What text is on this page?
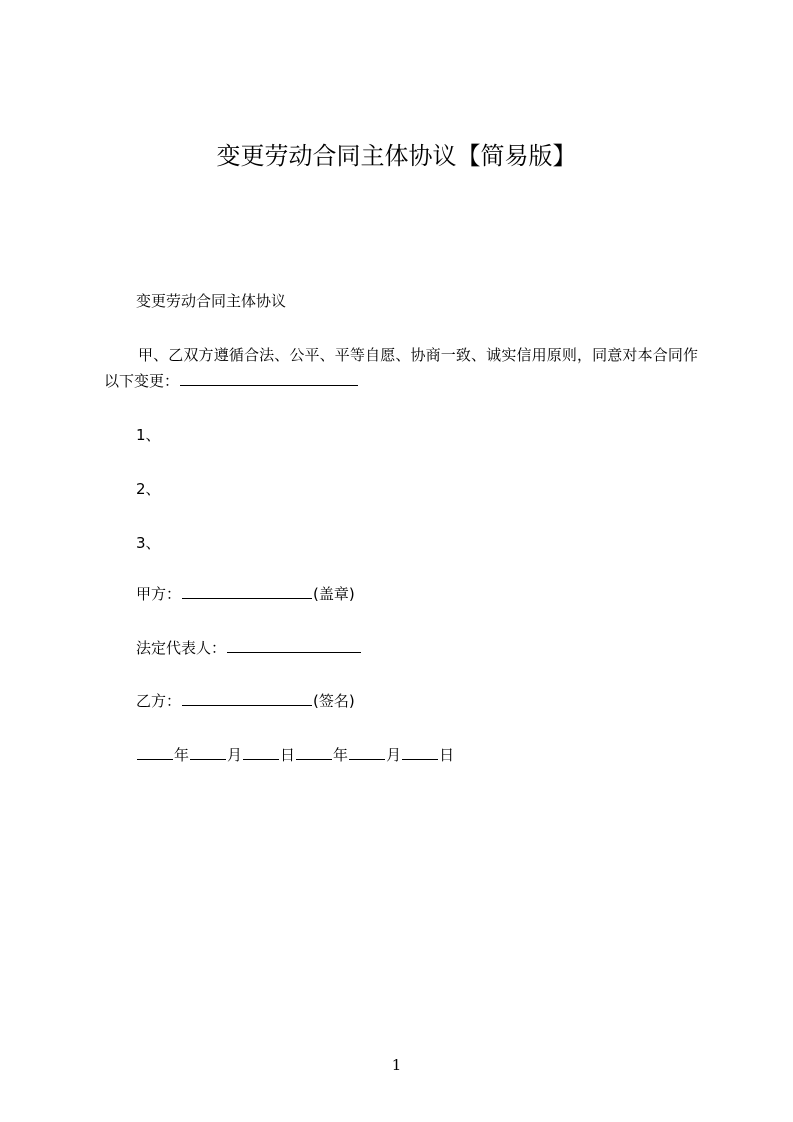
变更劳动合同主体协议【简易版】
变更劳动合同主体协议
甲、乙双方遵循合法、公平、平等自愿、协商一致、诚实信用原则，同意对本合同作以下变更：
1、
2、
3、
甲方：	(盖章)
法定代表人：
乙方：	(签名)
年	月	日	年	月	日
1
